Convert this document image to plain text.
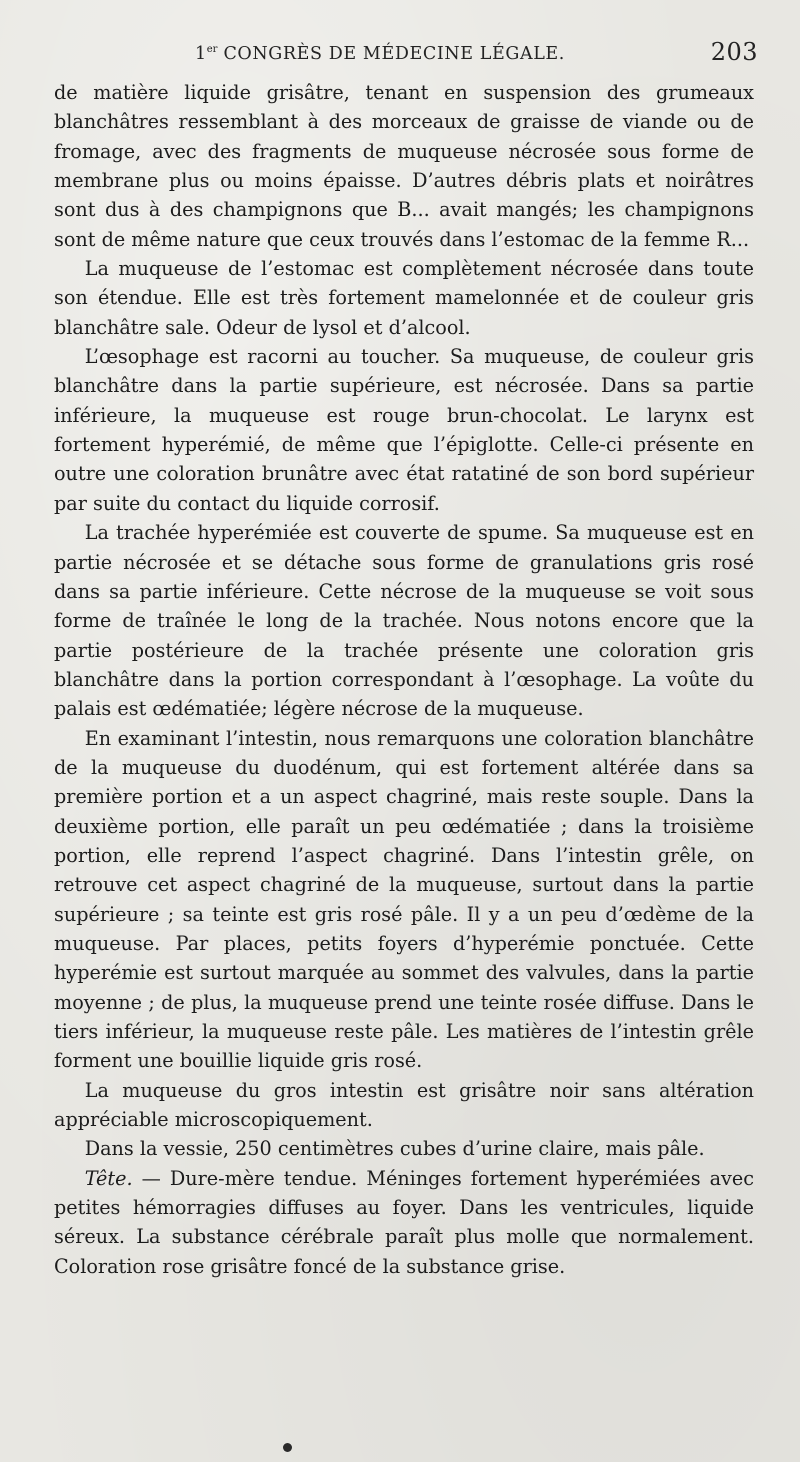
1er CONGRÈS DE MÉDECINE LÉGALE.	203

de matière liquide grisâtre, tenant en suspension des grumeaux blanchâtres ressemblant à des morceaux de graisse de viande ou de fromage, avec des fragments de muqueuse nécrosée sous forme de membrane plus ou moins épaisse. D’autres débris plats et noirâtres sont dus à des champignons que B... avait mangés; les champignons sont de même nature que ceux trouvés dans l’estomac de la femme R...

La muqueuse de l’estomac est complètement nécrosée dans toute son étendue. Elle est très fortement mamelonnée et de couleur gris blanchâtre sale. Odeur de lysol et d’alcool.

L’œsophage est racorni au toucher. Sa muqueuse, de couleur gris blanchâtre dans la partie supérieure, est nécrosée. Dans sa partie inférieure, la muqueuse est rouge brun-chocolat. Le larynx est fortement hyperémié, de même que l’épiglotte. Celle-ci présente en outre une coloration brunâtre avec état ratatiné de son bord supérieur par suite du contact du liquide corrosif.

La trachée hyperémiée est couverte de spume. Sa muqueuse est en partie nécrosée et se détache sous forme de granulations gris rosé dans sa partie inférieure. Cette nécrose de la muqueuse se voit sous forme de traînée le long de la trachée. Nous notons encore que la partie postérieure de la trachée présente une coloration gris blanchâtre dans la portion correspondant à l’œsophage. La voûte du palais est œdématiée; légère nécrose de la muqueuse.

En examinant l’intestin, nous remarquons une coloration blanchâtre de la muqueuse du duodénum, qui est fortement altérée dans sa première portion et a un aspect chagriné, mais reste souple. Dans la deuxième portion, elle paraît un peu œdématiée ; dans la troisième portion, elle reprend l’aspect chagriné. Dans l’intestin grêle, on retrouve cet aspect chagriné de la muqueuse, surtout dans la partie supérieure ; sa teinte est gris rosé pâle. Il y a un peu d’œdème de la muqueuse. Par places, petits foyers d’hyperémie ponctuée. Cette hyperémie est surtout marquée au sommet des valvules, dans la partie moyenne ; de plus, la muqueuse prend une teinte rosée diffuse. Dans le tiers inférieur, la muqueuse reste pâle. Les matières de l’intestin grêle forment une bouillie liquide gris rosé.

La muqueuse du gros intestin est grisâtre noir sans altération appréciable microscopiquement.

Dans la vessie, 250 centimètres cubes d’urine claire, mais pâle.

Tête. — Dure-mère tendue. Méninges fortement hyperémiées avec petites hémorragies diffuses au foyer. Dans les ventricules, liquide séreux. La substance cérébrale paraît plus molle que normalement. Coloration rose grisâtre foncé de la substance grise.
